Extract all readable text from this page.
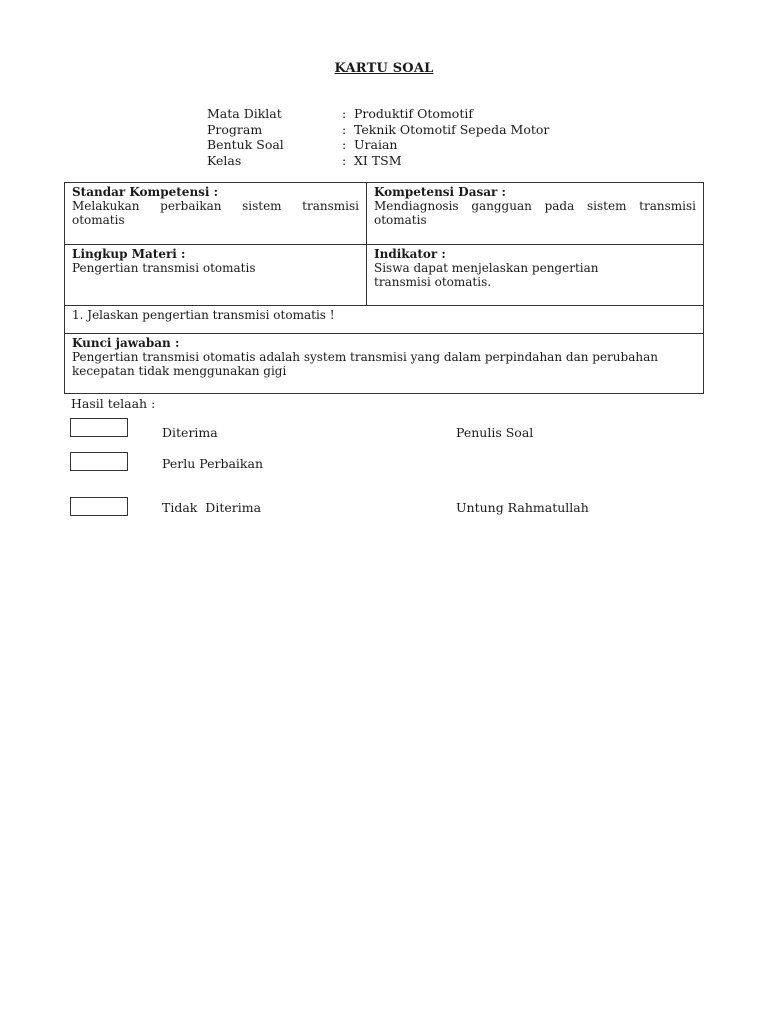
KARTU SOAL
Mata Diklat	: Produktif Otomotif
Program	: Teknik Otomotif Sepeda Motor
Bentuk Soal	: Uraian
Kelas	: XI TSM
Standar Kompetensi :
Melakukan perbaikan sistem transmisi otomatis
Kompetensi Dasar :
Mendiagnosis gangguan pada sistem transmisi otomatis
Lingkup Materi :
Pengertian transmisi otomatis
Indikator :
Siswa dapat menjelaskan pengertian transmisi otomatis.
1. Jelaskan pengertian transmisi otomatis !
Kunci jawaban :
Pengertian transmisi otomatis adalah system transmisi yang dalam perpindahan dan perubahan kecepatan tidak menggunakan gigi
Hasil telaah :
Diterima
Perlu Perbaikan
Tidak  Diterima
Penulis Soal
Untung Rahmatullah
